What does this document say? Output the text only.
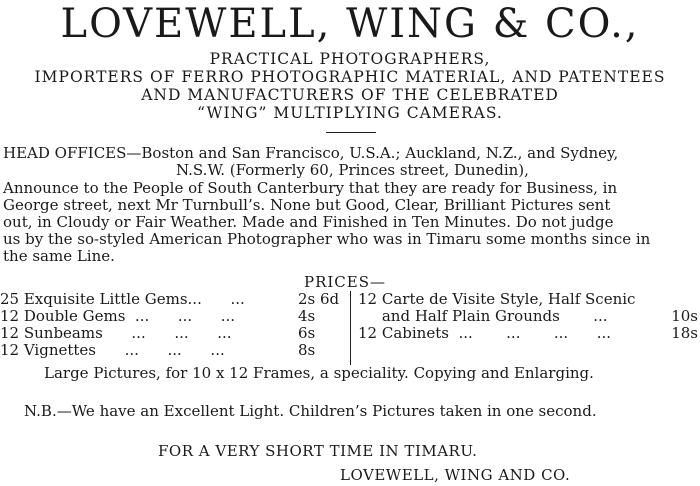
LOVEWELL, WING & CO.,
PRACTICAL PHOTOGRAPHERS,
IMPORTERS OF FERRO PHOTOGRAPHIC MATERIAL, AND PATENTEES
AND MANUFACTURERS OF THE CELEBRATED
“WING” MULTIPLYING CAMERAS.
HEAD OFFICES—Boston and San Francisco, U.S.A.; Auckland, N.Z., and Sydney,
N.S.W. (Formerly 60, Princes street, Dunedin),
Announce to the People of South Canterbury that they are ready for Business, in
George street, next Mr Turnbull’s. None but Good, Clear, Brilliant Pictures sent
out, in Cloudy or Fair Weather. Made and Finished in Ten Minutes. Do not judge
us by the so-styled American Photographer who was in Timaru some months since in
the same Line.
PRICES—
25 Exquisite Little Gems...      ...	2s 6d
12 Double Gems  ...      ...      ...	4s
12 Sunbeams      ...      ...      ...	6s
12 Vignettes      ...      ...      ...	8s
12 Carte de Visite Style, Half Scenic
and Half Plain Grounds       ...	10s
12 Cabinets  ...       ...       ...      ...	18s
Large Pictures, for 10 x 12 Frames, a speciality. Copying and Enlarging.
N.B.—We have an Excellent Light. Children’s Pictures taken in one second.
FOR A VERY SHORT TIME IN TIMARU.
LOVEWELL, WING AND CO.
